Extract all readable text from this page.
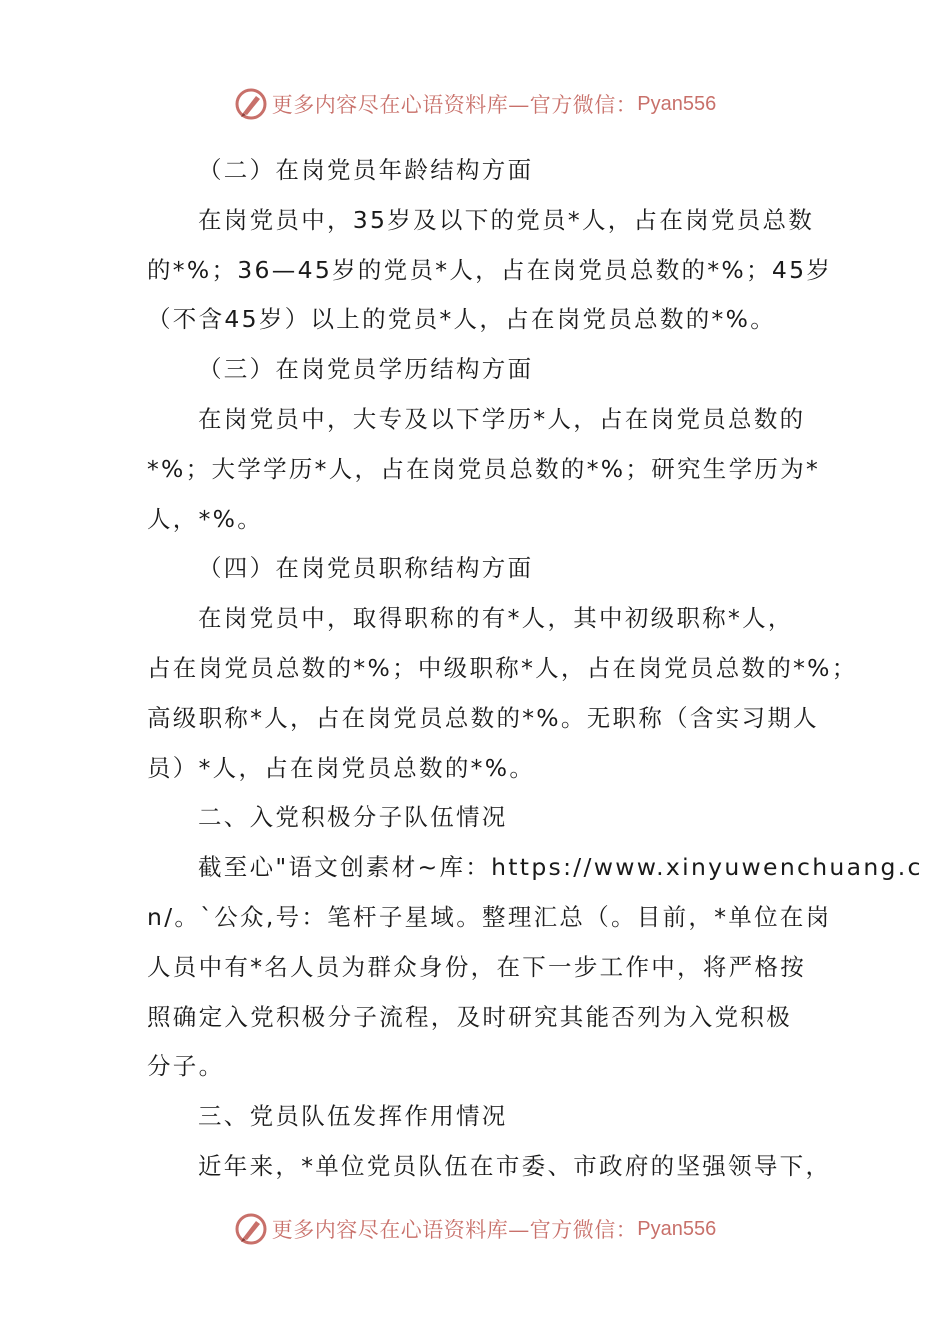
更多内容尽在心语资料库—官方微信： Pyan556
（二）在岗党员年龄结构方面
在岗党员中，35岁及以下的党员*人，占在岗党员总数
的*%；36—45岁的党员*人，占在岗党员总数的*%；45岁
（不含45岁）以上的党员*人，占在岗党员总数的*%。
（三）在岗党员学历结构方面
在岗党员中，大专及以下学历*人，占在岗党员总数的
*%；大学学历*人，占在岗党员总数的*%；研究生学历为*
人，*%。
（四）在岗党员职称结构方面
在岗党员中，取得职称的有*人，其中初级职称*人，
占在岗党员总数的*%；中级职称*人，占在岗党员总数的*%；
高级职称*人，占在岗党员总数的*%。无职称（含实习期人
员）*人，占在岗党员总数的*%。
二、入党积极分子队伍情况
截至心"语文创素材~库：https://www.xinyuwenchuang.c
n/。`公众,号：笔杆子星域。整理汇总（。目前，*单位在岗
人员中有*名人员为群众身份，在下一步工作中，将严格按
照确定入党积极分子流程，及时研究其能否列为入党积极
分子。
三、党员队伍发挥作用情况
近年来，*单位党员队伍在市委、市政府的坚强领导下，
更多内容尽在心语资料库—官方微信： Pyan556
